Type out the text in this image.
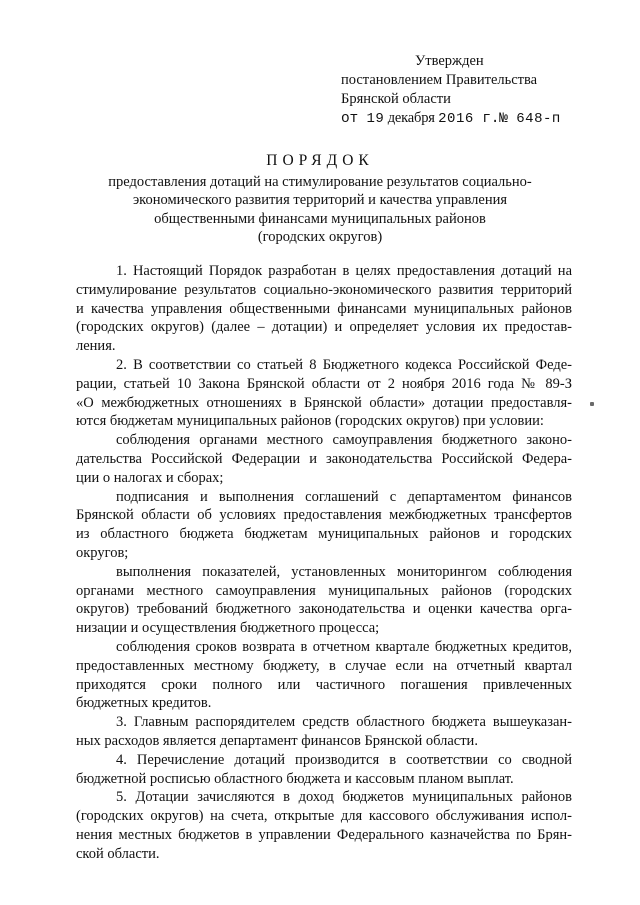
Утвержден
постановлением Правительства
Брянской области
от 19 декабря 2016 г.№ 648-п
ПОРЯДОК
предоставления дотаций на стимулирование результатов социально-
экономического развития территорий и качества управления
общественными финансами муниципальных районов
(городских округов)
1. Настоящий Порядок разработан в целях предоставления дотаций на
стимулирование результатов социально-экономического развития территорий
и качества управления общественными финансами муниципальных районов
(городских округов) (далее – дотации) и определяет условия их предостав-
ления.
2. В соответствии со статьей 8 Бюджетного кодекса Российской Феде-
рации, статьей 10 Закона Брянской области от 2 ноября 2016 года № 89-З
«О межбюджетных отношениях в Брянской области» дотации предоставля-
ются бюджетам муниципальных районов (городских округов) при условии:
соблюдения органами местного самоуправления бюджетного законо-
дательства Российской Федерации и законодательства Российской Федера-
ции о налогах и сборах;
подписания и выполнения соглашений с департаментом финансов
Брянской области об условиях предоставления межбюджетных трансфертов
из областного бюджета бюджетам муниципальных районов и городских
округов;
выполнения показателей, установленных мониторингом соблюдения
органами местного самоуправления муниципальных районов (городских
округов) требований бюджетного законодательства и оценки качества орга-
низации и осуществления бюджетного процесса;
соблюдения сроков возврата в отчетном квартале бюджетных кредитов,
предоставленных местному бюджету, в случае если на отчетный квартал
приходятся сроки полного или частичного погашения привлеченных
бюджетных кредитов.
3. Главным распорядителем средств областного бюджета вышеуказан-
ных расходов является департамент финансов Брянской области.
4. Перечисление дотаций производится в соответствии со сводной
бюджетной росписью областного бюджета и кассовым планом выплат.
5. Дотации зачисляются в доход бюджетов муниципальных районов
(городских округов) на счета, открытые для кассового обслуживания испол-
нения местных бюджетов в управлении Федерального казначейства по Брян-
ской области.
